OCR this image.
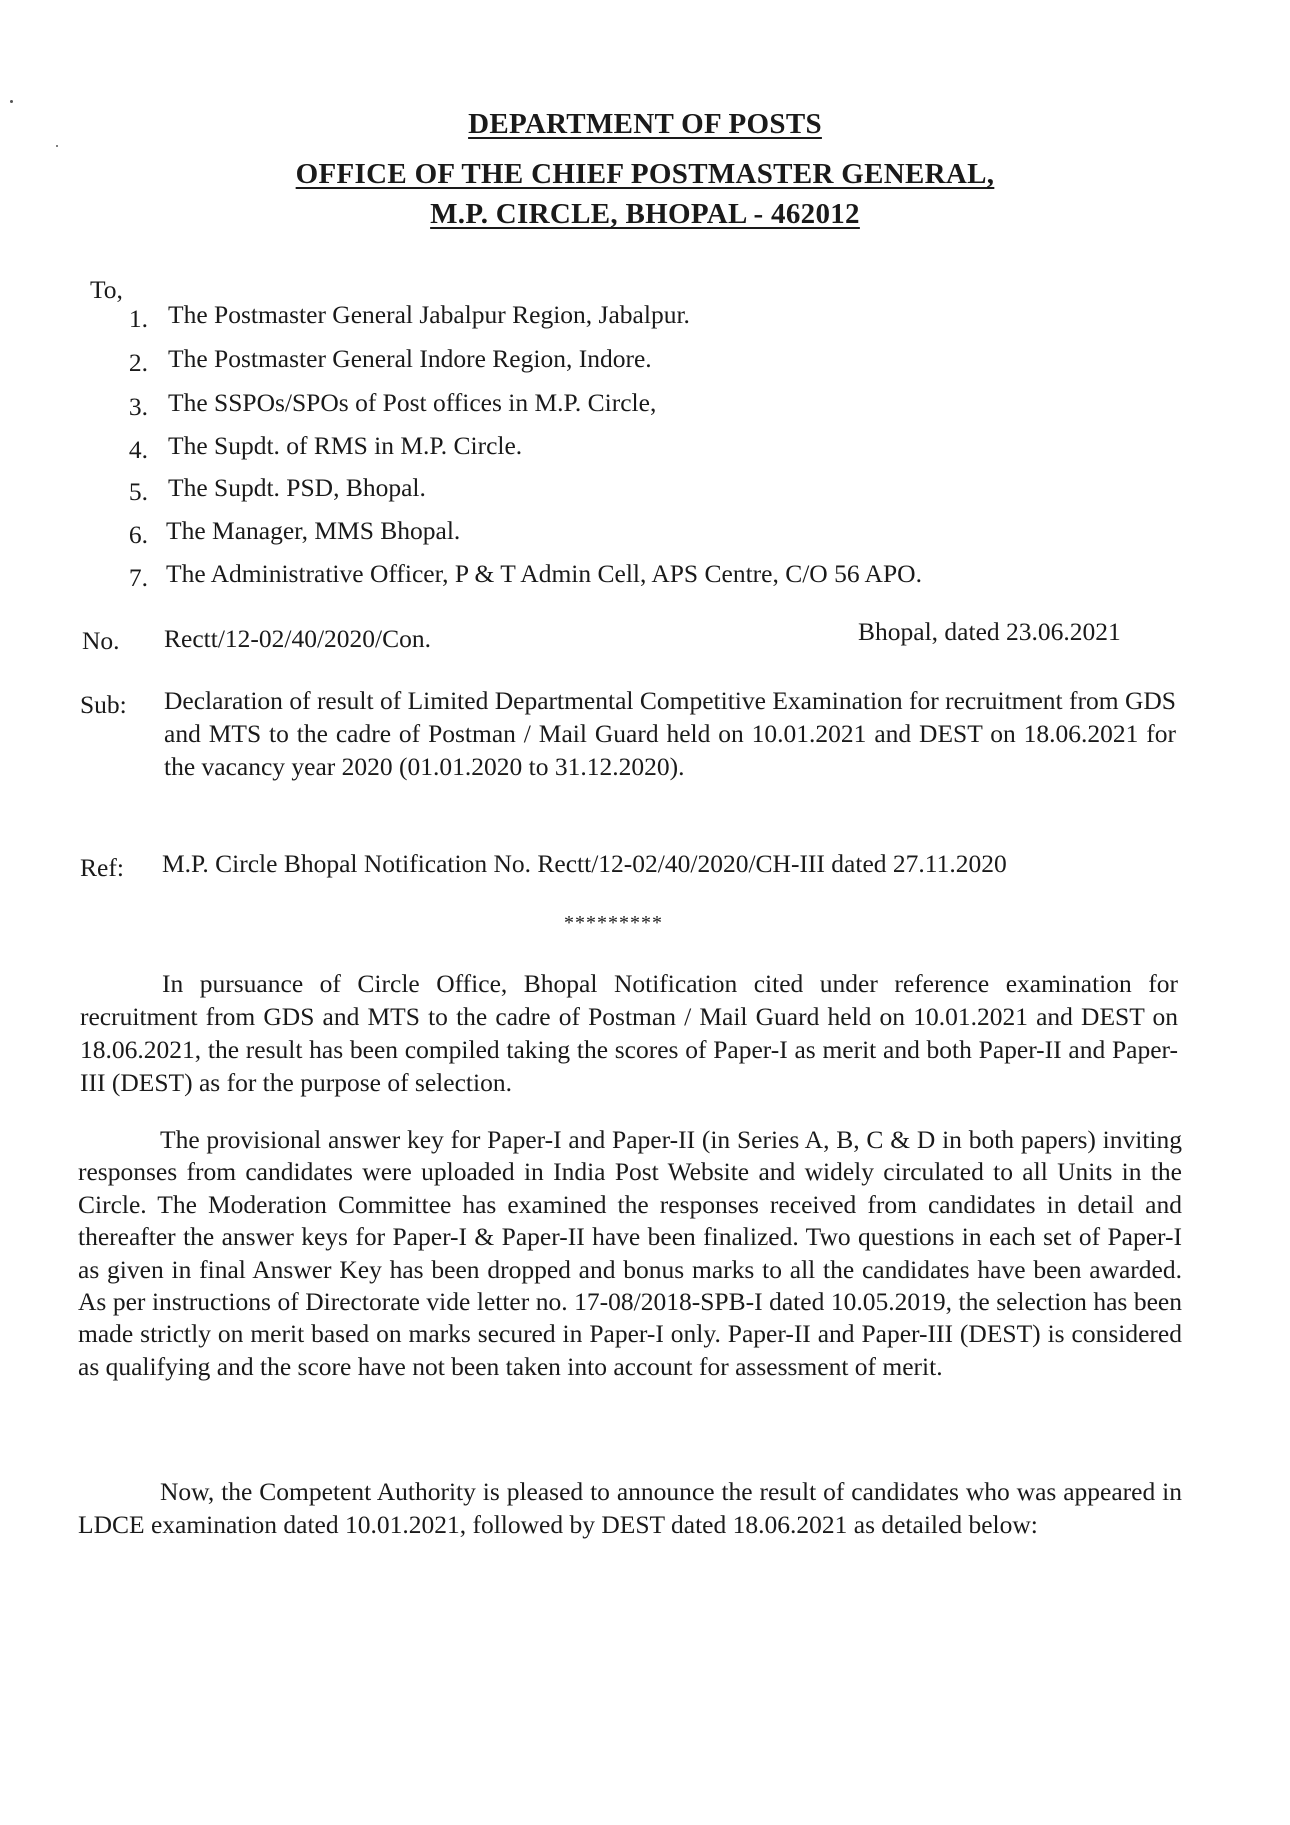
DEPARTMENT OF POSTS
OFFICE OF THE CHIEF POSTMASTER GENERAL,
M.P. CIRCLE, BHOPAL - 462012
To,
1. The Postmaster General Jabalpur Region, Jabalpur.
2. The Postmaster General Indore Region, Indore.
3. The SSPOs/SPOs of Post offices in M.P. Circle,
4. The Supdt. of RMS in M.P. Circle.
5. The Supdt. PSD, Bhopal.
6. The Manager, MMS Bhopal.
7. The Administrative Officer, P & T Admin Cell, APS Centre, C/O 56 APO.
No. Rectt/12-02/40/2020/Con.	Bhopal, dated 23.06.2021
Sub: Declaration of result of Limited Departmental Competitive Examination for recruitment from GDS and MTS to the cadre of Postman / Mail Guard held on 10.01.2021 and DEST on 18.06.2021 for the vacancy year 2020 (01.01.2020 to 31.12.2020).
Ref: M.P. Circle Bhopal Notification No. Rectt/12-02/40/2020/CH-III dated 27.11.2020
*********
In pursuance of Circle Office, Bhopal Notification cited under reference examination for recruitment from GDS and MTS to the cadre of Postman / Mail Guard held on 10.01.2021 and DEST on 18.06.2021, the result has been compiled taking the scores of Paper-I as merit and both Paper-II and Paper-III (DEST) as for the purpose of selection.
The provisional answer key for Paper-I and Paper-II (in Series A, B, C & D in both papers) inviting responses from candidates were uploaded in India Post Website and widely circulated to all Units in the Circle. The Moderation Committee has examined the responses received from candidates in detail and thereafter the answer keys for Paper-I & Paper-II have been finalized. Two questions in each set of Paper-I as given in final Answer Key has been dropped and bonus marks to all the candidates have been awarded. As per instructions of Directorate vide letter no. 17-08/2018-SPB-I dated 10.05.2019, the selection has been made strictly on merit based on marks secured in Paper-I only. Paper-II and Paper-III (DEST) is considered as qualifying and the score have not been taken into account for assessment of merit.
Now, the Competent Authority is pleased to announce the result of candidates who was appeared in LDCE examination dated 10.01.2021, followed by DEST dated 18.06.2021 as detailed below:
